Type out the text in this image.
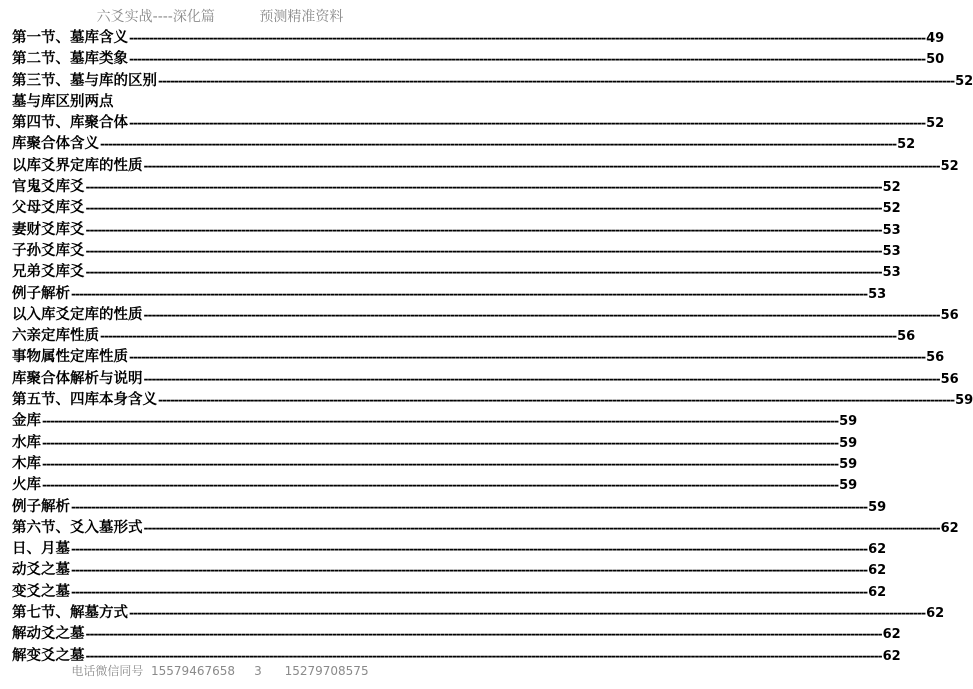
六爻实战----深化篇          预测精准资料
第一节、墓库含义 -------------------------------------------------------------------------------------------------------------------------------------------------------------------------------------------------------- 49
第二节、墓库类象 -------------------------------------------------------------------------------------------------------------------------------------------------------------------------------------------------------- 50
第三节、墓与库的区别 -------------------------------------------------------------------------------------------------------------------------------------------------------------------------------------------------------- 52
墓与库区别两点
第四节、库聚合体 -------------------------------------------------------------------------------------------------------------------------------------------------------------------------------------------------------- 52
库聚合体含义 -------------------------------------------------------------------------------------------------------------------------------------------------------------------------------------------------------- 52
以库爻界定库的性质 -------------------------------------------------------------------------------------------------------------------------------------------------------------------------------------------------------- 52
官鬼爻库爻 -------------------------------------------------------------------------------------------------------------------------------------------------------------------------------------------------------- 52
父母爻库爻 -------------------------------------------------------------------------------------------------------------------------------------------------------------------------------------------------------- 52
妻财爻库爻 -------------------------------------------------------------------------------------------------------------------------------------------------------------------------------------------------------- 53
子孙爻库爻 -------------------------------------------------------------------------------------------------------------------------------------------------------------------------------------------------------- 53
兄弟爻库爻 -------------------------------------------------------------------------------------------------------------------------------------------------------------------------------------------------------- 53
例子解析 -------------------------------------------------------------------------------------------------------------------------------------------------------------------------------------------------------- 53
以入库爻定库的性质 -------------------------------------------------------------------------------------------------------------------------------------------------------------------------------------------------------- 56
六亲定库性质 -------------------------------------------------------------------------------------------------------------------------------------------------------------------------------------------------------- 56
事物属性定库性质 -------------------------------------------------------------------------------------------------------------------------------------------------------------------------------------------------------- 56
库聚合体解析与说明 -------------------------------------------------------------------------------------------------------------------------------------------------------------------------------------------------------- 56
第五节、四库本身含义 -------------------------------------------------------------------------------------------------------------------------------------------------------------------------------------------------------- 59
金库 -------------------------------------------------------------------------------------------------------------------------------------------------------------------------------------------------------- 59
水库 -------------------------------------------------------------------------------------------------------------------------------------------------------------------------------------------------------- 59
木库 -------------------------------------------------------------------------------------------------------------------------------------------------------------------------------------------------------- 59
火库 -------------------------------------------------------------------------------------------------------------------------------------------------------------------------------------------------------- 59
例子解析 -------------------------------------------------------------------------------------------------------------------------------------------------------------------------------------------------------- 59
第六节、爻入墓形式 -------------------------------------------------------------------------------------------------------------------------------------------------------------------------------------------------------- 62
日、月墓 -------------------------------------------------------------------------------------------------------------------------------------------------------------------------------------------------------- 62
动爻之墓 -------------------------------------------------------------------------------------------------------------------------------------------------------------------------------------------------------- 62
变爻之墓 -------------------------------------------------------------------------------------------------------------------------------------------------------------------------------------------------------- 62
第七节、解墓方式 -------------------------------------------------------------------------------------------------------------------------------------------------------------------------------------------------------- 62
解动爻之墓 -------------------------------------------------------------------------------------------------------------------------------------------------------------------------------------------------------- 62
解变爻之墓 -------------------------------------------------------------------------------------------------------------------------------------------------------------------------------------------------------- 62
电话微信同号  15579467658     3      15279708575
